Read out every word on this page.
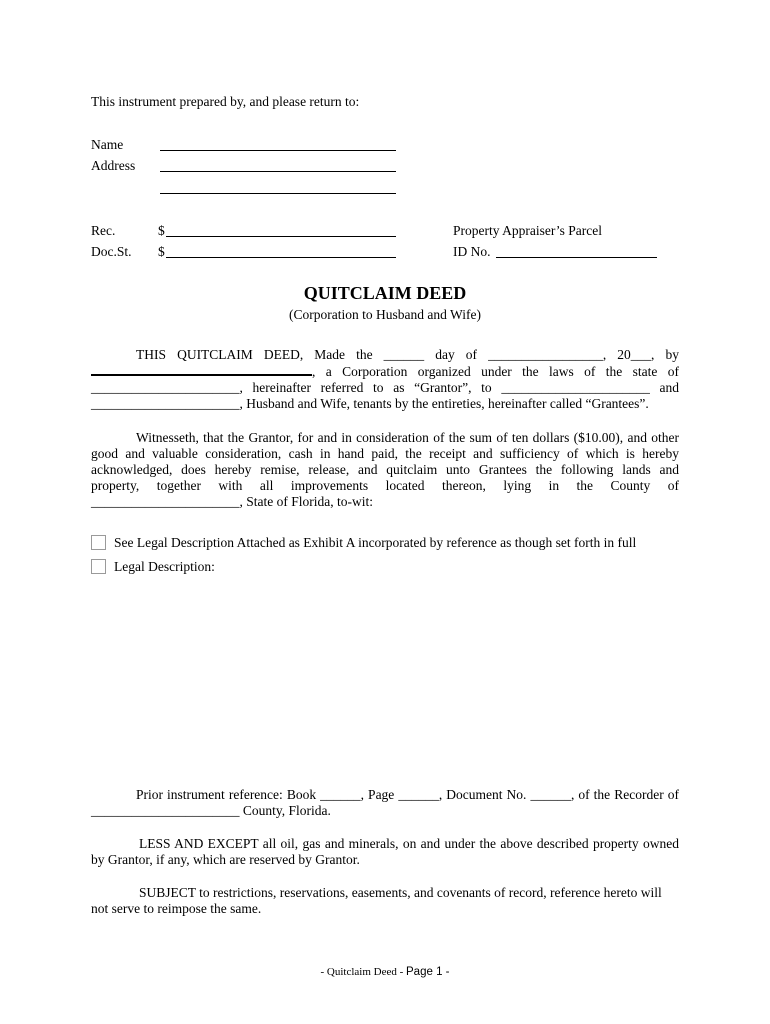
This instrument prepared by, and please return to:
Name
Address
Rec.	$
Doc.St. $
Property Appraiser’s Parcel
ID No.
QUITCLAIM DEED
(Corporation to Husband and Wife)
THIS QUITCLAIM DEED, Made the ______ day of _________________, 20___, by
, a Corporation organized under the laws of the state of
______________________, hereinafter referred to as “Grantor”, to ______________________ and
______________________, Husband and Wife, tenants by the entireties, hereinafter called “Grantees”.
Witnesseth, that the Grantor, for and in consideration of the sum of ten dollars ($10.00), and other
good and valuable consideration, cash in hand paid, the receipt and sufficiency of which is hereby
acknowledged, does hereby remise, release, and quitclaim unto Grantees the following lands and
property, together with all improvements located thereon, lying in the County of
______________________, State of Florida, to-wit:
See Legal Description Attached as Exhibit A incorporated by reference as though set forth in full
Legal Description:
Prior instrument reference: Book ______, Page ______, Document No. ______, of the Recorder of
______________________ County, Florida.
LESS AND EXCEPT all oil, gas and minerals, on and under the above described property owned
by Grantor, if any, which are reserved by Grantor.
SUBJECT to restrictions, reservations, easements, and covenants of record, reference hereto will
not serve to reimpose the same.
- Quitclaim Deed - Page 1 -
